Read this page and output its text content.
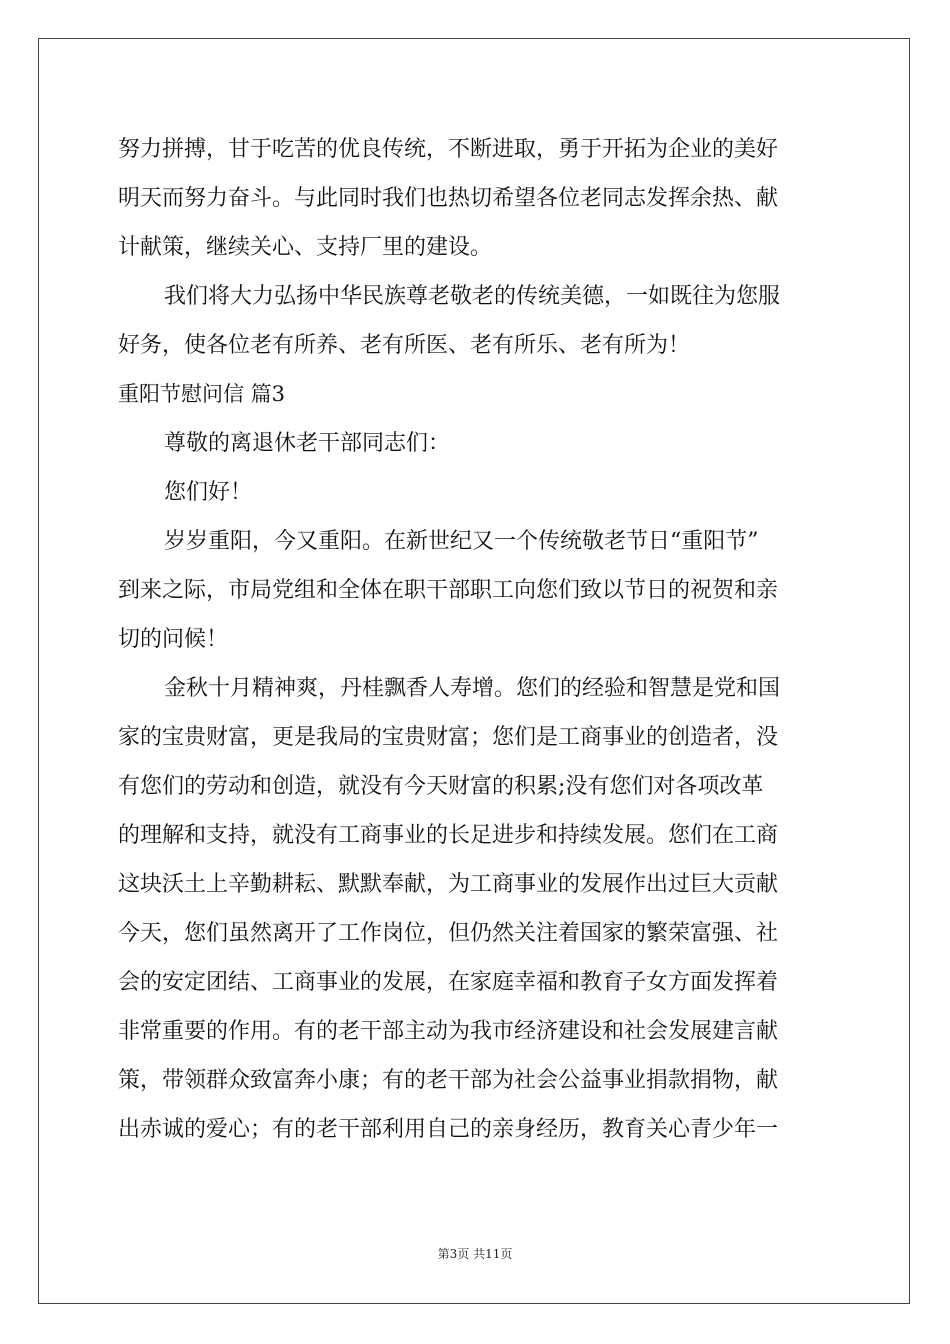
努力拼搏，甘于吃苦的优良传统，不断进取，勇于开拓为企业的美好
明天而努力奋斗。与此同时我们也热切希望各位老同志发挥余热、献
计献策，继续关心、支持厂里的建设。
我们将大力弘扬中华民族尊老敬老的传统美德，一如既往为您服
好务，使各位老有所养、老有所医、老有所乐、老有所为！
重阳节慰问信 篇3
尊敬的离退休老干部同志们：
您们好！
岁岁重阳，今又重阳。在新世纪又一个传统敬老节日“重阳节”
到来之际，市局党组和全体在职干部职工向您们致以节日的祝贺和亲
切的问候！
金秋十月精神爽，丹桂飘香人寿增。您们的经验和智慧是党和国
家的宝贵财富，更是我局的宝贵财富；您们是工商事业的创造者，没
有您们的劳动和创造，就没有今天财富的积累;没有您们对各项改革
的理解和支持，就没有工商事业的长足进步和持续发展。您们在工商
这块沃土上辛勤耕耘、默默奉献，为工商事业的发展作出过巨大贡献
今天，您们虽然离开了工作岗位，但仍然关注着国家的繁荣富强、社
会的安定团结、工商事业的发展，在家庭幸福和教育子女方面发挥着
非常重要的作用。有的老干部主动为我市经济建设和社会发展建言献
策，带领群众致富奔小康；有的老干部为社会公益事业捐款捐物，献
出赤诚的爱心；有的老干部利用自己的亲身经历，教育关心青少年一
第3页 共11页
